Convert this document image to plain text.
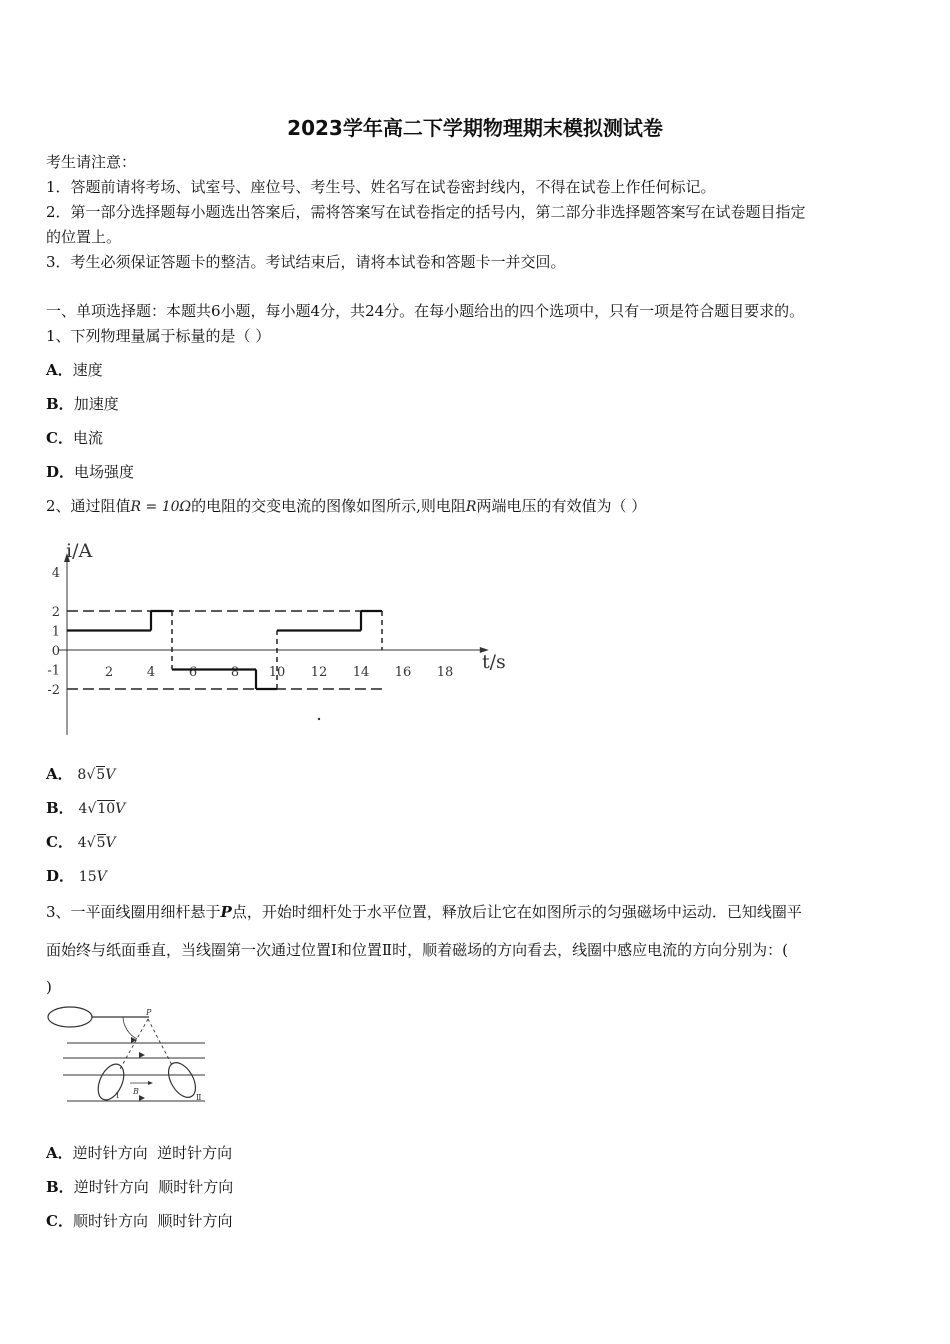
2023学年高二下学期物理期末模拟测试卷
考生请注意：
1．答题前请将考场、试室号、座位号、考生号、姓名写在试卷密封线内，不得在试卷上作任何标记。
2．第一部分选择题每小题选出答案后，需将答案写在试卷指定的括号内，第二部分非选择题答案写在试卷题目指定
的位置上。
3．考生必须保证答题卡的整洁。考试结束后，请将本试卷和答题卡一并交回。
一、单项选择题：本题共6小题，每小题4分，共24分。在每小题给出的四个选项中，只有一项是符合题目要求的。
1、下列物理量属于标量的是（ ）
A．速度
B．加速度
C．电流
D．电场强度
2、通过阻值R = 10Ω的电阻的交变电流的图像如图所示,则电阻R两端电压的有效值为（ ）
4
2
1
0
-1
-2
2	4	6	8 10 12 14 16 18
i/A
t/s
A． 8√5V
B． 4√10V
C． 4√5V
D． 15V
3、一平面线圈用细杆悬于P点，开始时细杆处于水平位置，释放后让它在如图所示的匀强磁场中运动．已知线圈平
面始终与纸面垂直，当线圈第一次通过位置Ⅰ和位置Ⅱ时，顺着磁场的方向看去，线圈中感应电流的方向分别为：(
)
P
B
Ⅰ	Ⅱ
A．逆时针方向  逆时针方向
B．逆时针方向  顺时针方向
C．顺时针方向  顺时针方向
